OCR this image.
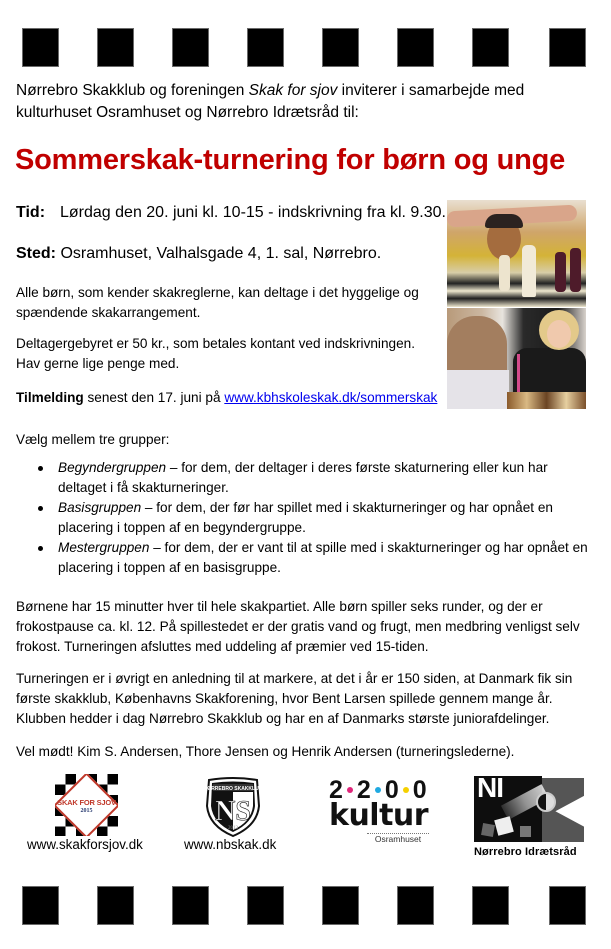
Nørrebro Skakklub og foreningen Skak for sjov inviterer i samarbejde med kulturhuset Osramhuset og Nørrebro Idrætsråd til:

Sommerskak-turnering for børn og unge
Tid: Lørdag den 20. juni kl. 10-15 - indskrivning fra kl. 9.30.
Sted: Osramhuset, Valhalsgade 4, 1. sal, Nørrebro.

Alle børn, som kender skakreglerne, kan deltage i det hyggelige og spændende skakarrangement.

Deltagergebyret er 50 kr., som betales kontant ved indskrivningen. Hav gerne lige penge med.

Tilmelding senest den 17. juni på www.kbhskoleskak.dk/sommerskak

Vælg mellem tre grupper:

Begyndergruppen – for dem, der deltager i deres første skaturnering eller kun har deltaget i få skakturneringer.
Basisgruppen – for dem, der før har spillet med i skakturneringer og har opnået en placering i toppen af en begyndergruppe.
Mestergruppen – for dem, der er vant til at spille med i skakturneringer og har opnået en placering i toppen af en basisgruppe.

Børnene har 15 minutter hver til hele skakpartiet. Alle børn spiller seks runder, og der er frokostpause ca. kl. 12. På spillestedet er der gratis vand og frugt, men medbring venligst selv frokost. Turneringen afsluttes med uddeling af præmier ved 15-tiden.

Turneringen er i øvrigt en anledning til at markere, at det i år er 150 siden, at Danmark fik sin første skakklub, Københavns Skakforening, hvor Bent Larsen spillede gennem mange år. Klubben hedder i dag Nørrebro Skakklub og har en af Danmarks største juniorafdelinger.

Vel mødt! Kim S. Andersen, Thore Jensen og Henrik Andersen (turneringslederne).

SKAK FOR SJOV
2015
www.skakforsjov.dk
NØRREBRO SKAKKLUB
NS
2013
www.nbskak.dk
2 2 0 0
kultur
Osramhuset
NI
Nørrebro Idrætsråd
